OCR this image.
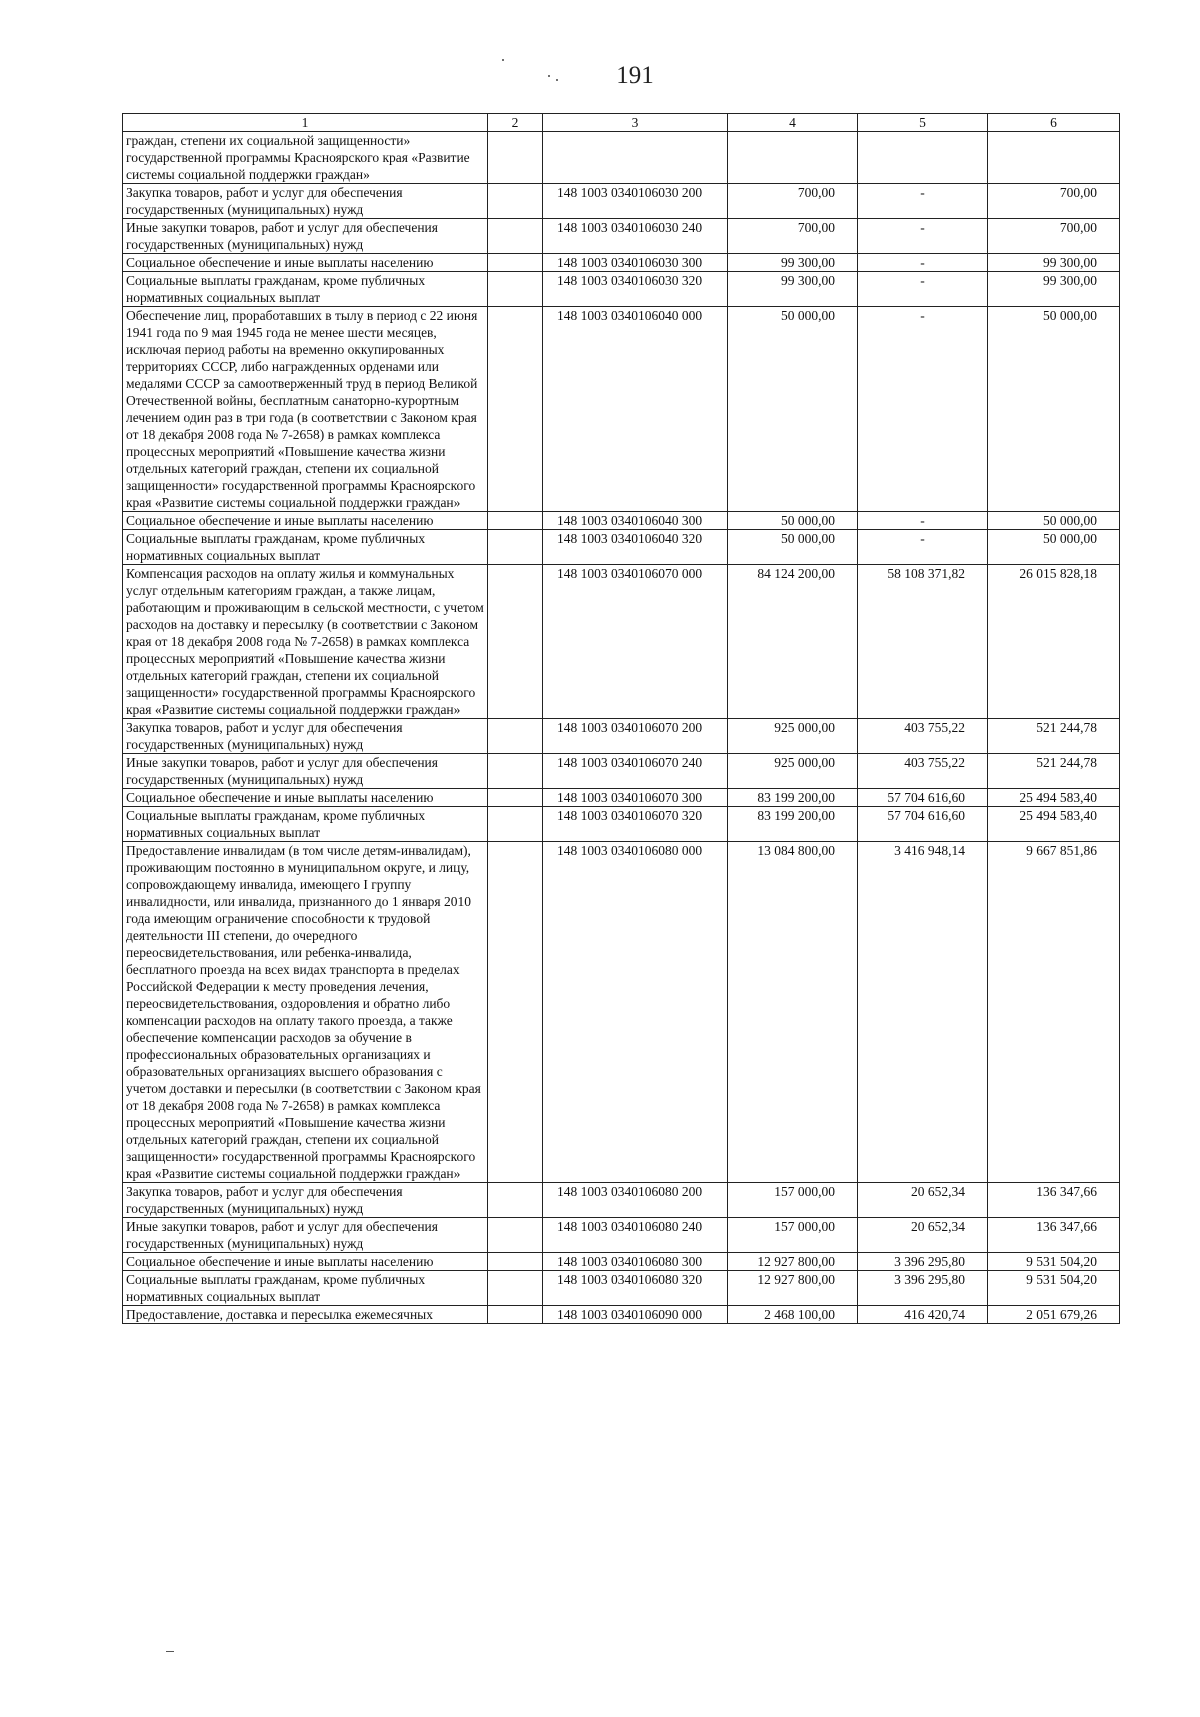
191
1	2	3	4	5	6
граждан, степени их социальной защищенности» государственной программы Красноярского края «Развитие системы социальной поддержки граждан»					
Закупка товаров, работ и услуг для обеспечения государственных (муниципальных) нужд		148 1003 0340106030 200	700,00	-	700,00
Иные закупки товаров, работ и услуг для обеспечения государственных (муниципальных) нужд		148 1003 0340106030 240	700,00	-	700,00
Социальное обеспечение и иные выплаты населению		148 1003 0340106030 300	99 300,00	-	99 300,00
Социальные выплаты гражданам, кроме публичных нормативных социальных выплат		148 1003 0340106030 320	99 300,00	-	99 300,00
Обеспечение лиц, проработавших в тылу в период с 22 июня 1941 года по 9 мая 1945 года не менее шести месяцев, исключая период работы на временно оккупированных территориях СССР, либо награжденных орденами или медалями СССР за самоотверженный труд в период Великой Отечественной войны, бесплатным санаторно-курортным лечением один раз в три года (в соответствии с Законом края от 18 декабря 2008 года № 7-2658) в рамках комплекса процессных мероприятий «Повышение качества жизни отдельных категорий граждан, степени их социальной защищенности» государственной программы Красноярского края «Развитие системы социальной поддержки граждан»		148 1003 0340106040 000	50 000,00	-	50 000,00
Социальное обеспечение и иные выплаты населению		148 1003 0340106040 300	50 000,00	-	50 000,00
Социальные выплаты гражданам, кроме публичных нормативных социальных выплат		148 1003 0340106040 320	50 000,00	-	50 000,00
Компенсация расходов на оплату жилья и коммунальных услуг отдельным категориям граждан, а также лицам, работающим и проживающим в сельской местности, с учетом расходов на доставку и пересылку (в соответствии с Законом края от 18 декабря 2008 года № 7-2658) в рамках комплекса процессных мероприятий «Повышение качества жизни отдельных категорий граждан, степени их социальной защищенности» государственной программы Красноярского края «Развитие системы социальной поддержки граждан»		148 1003 0340106070 000	84 124 200,00	58 108 371,82	26 015 828,18
Закупка товаров, работ и услуг для обеспечения государственных (муниципальных) нужд		148 1003 0340106070 200	925 000,00	403 755,22	521 244,78
Иные закупки товаров, работ и услуг для обеспечения государственных (муниципальных) нужд		148 1003 0340106070 240	925 000,00	403 755,22	521 244,78
Социальное обеспечение и иные выплаты населению		148 1003 0340106070 300	83 199 200,00	57 704 616,60	25 494 583,40
Социальные выплаты гражданам, кроме публичных нормативных социальных выплат		148 1003 0340106070 320	83 199 200,00	57 704 616,60	25 494 583,40
Предоставление инвалидам (в том числе детям-инвалидам), проживающим постоянно в муниципальном округе, и лицу, сопровождающему инвалида, имеющего I группу инвалидности, или инвалида, признанного до 1 января 2010 года имеющим ограничение способности к трудовой деятельности III степени, до очередного переосвидетельствования, или ребенка-инвалида, бесплатного проезда на всех видах транспорта в пределах Российской Федерации к месту проведения лечения, переосвидетельствования, оздоровления и обратно либо компенсации расходов на оплату такого проезда, а также обеспечение компенсации расходов за обучение в профессиональных образовательных организациях и образовательных организациях высшего образования с учетом доставки и пересылки (в соответствии с Законом края от 18 декабря 2008 года № 7-2658) в рамках комплекса процессных мероприятий «Повышение качества жизни отдельных категорий граждан, степени их социальной защищенности» государственной программы Красноярского края «Развитие системы социальной поддержки граждан»		148 1003 0340106080 000	13 084 800,00	3 416 948,14	9 667 851,86
Закупка товаров, работ и услуг для обеспечения государственных (муниципальных) нужд		148 1003 0340106080 200	157 000,00	20 652,34	136 347,66
Иные закупки товаров, работ и услуг для обеспечения государственных (муниципальных) нужд		148 1003 0340106080 240	157 000,00	20 652,34	136 347,66
Социальное обеспечение и иные выплаты населению		148 1003 0340106080 300	12 927 800,00	3 396 295,80	9 531 504,20
Социальные выплаты гражданам, кроме публичных нормативных социальных выплат		148 1003 0340106080 320	12 927 800,00	3 396 295,80	9 531 504,20
Предоставление, доставка и пересылка ежемесячных		148 1003 0340106090 000	2 468 100,00	416 420,74	2 051 679,26
